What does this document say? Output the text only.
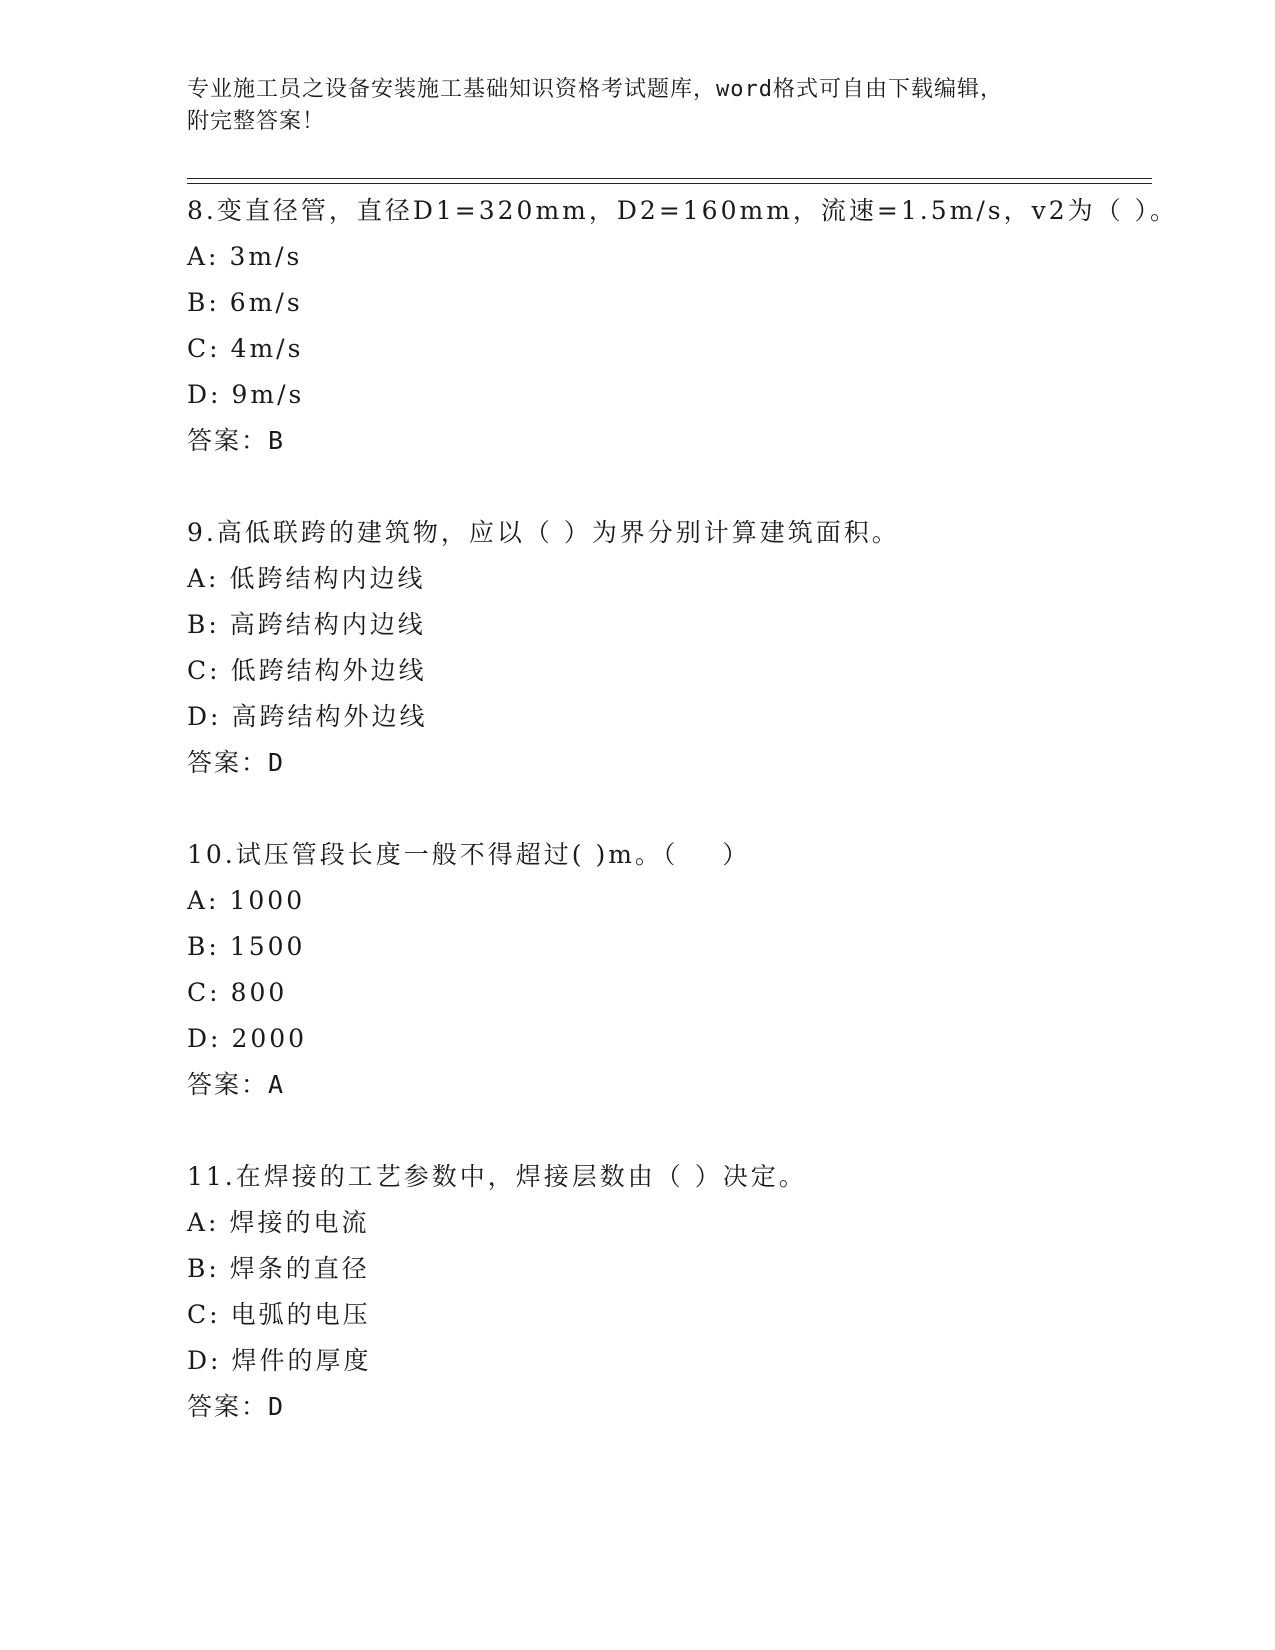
专业施工员之设备安装施工基础知识资格考试题库，word格式可自由下载编辑，
附完整答案！
8.变直径管，直径D1=320mm，D2=160mm，流速=1.5m/s，v2为（ ）。
A: 3m/s
B: 6m/s
C: 4m/s
D: 9m/s
答案：B
9.高低联跨的建筑物，应以（ ）为界分别计算建筑面积。
A: 低跨结构内边线
B: 高跨结构内边线
C: 低跨结构外边线
D: 高跨结构外边线
答案：D
10.试压管段长度一般不得超过( )m。（    ）
A: 1000
B: 1500
C: 800
D: 2000
答案：A
11.在焊接的工艺参数中，焊接层数由（ ）决定。
A: 焊接的电流
B: 焊条的直径
C: 电弧的电压
D: 焊件的厚度
答案：D
